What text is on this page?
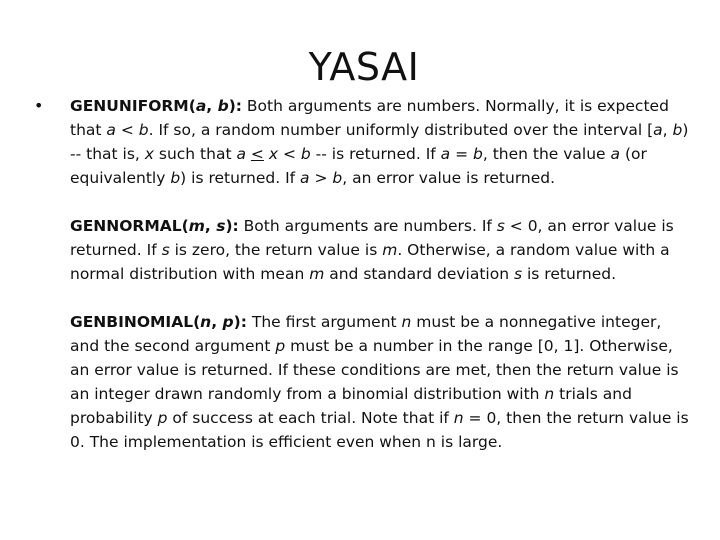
YASAI
• GENUNIFORM(a, b): Both arguments are numbers. Normally, it is expected that a < b. If so, a random number uniformly distributed over the interval [a, b) -- that is, x such that a < x < b -- is returned. If a = b, then the value a (or equivalently b) is returned. If a > b, an error value is returned.
GENNORMAL(m, s): Both arguments are numbers. If s < 0, an error value is returned. If s is zero, the return value is m. Otherwise, a random value with a normal distribution with mean m and standard deviation s is returned.
GENBINOMIAL(n, p): The first argument n must be a nonnegative integer, and the second argument p must be a number in the range [0, 1]. Otherwise, an error value is returned. If these conditions are met, then the return value is an integer drawn randomly from a binomial distribution with n trials and probability p of success at each trial. Note that if n = 0, then the return value is 0. The implementation is efficient even when n is large.
